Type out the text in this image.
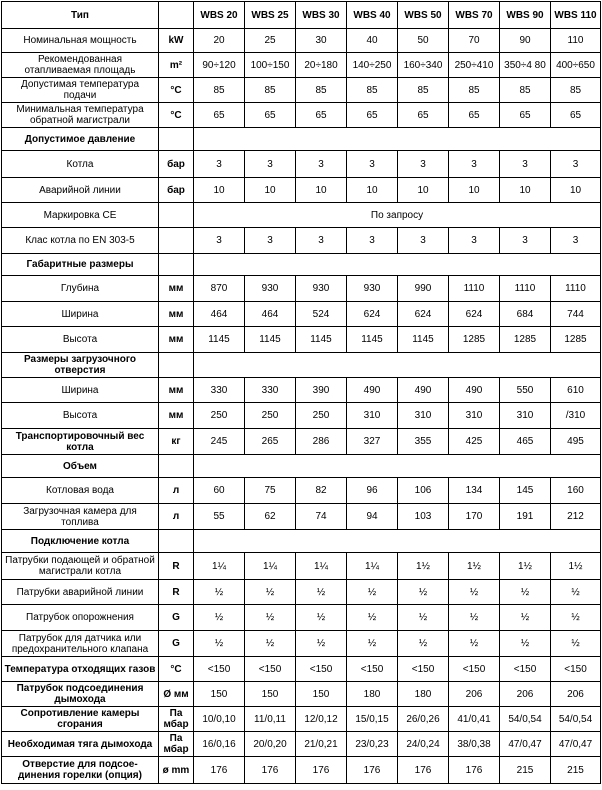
Тип		WBS 20	WBS 25	WBS 30	WBS 40	WBS 50	WBS 70	WBS 90	WBS 110
Номинальная мощность	kW	20	25	30	40	50	70	90	110
Рекомендованная отапливаемая площадь	m²	90÷120	100÷150	20÷180	140÷250	160÷340	250÷410	350÷4 80	400÷650
Допустимая температура подачи	°C	85	85	85	85	85	85	85	85
Минимальная температура обратной магистрали	°C	65	65	65	65	65	65	65	65
Допустимое давление									
Котла	бар	3	3	3	3	3	3	3	3
Аварийной линии	бар	10	10	10	10	10	10	10	10
Маркировка CE		По запросу							
Клас котла по EN 303-5		3	3	3	3	3	3	3	3
Габаритные размеры									
Глубина	мм	870	930	930	930	990	1110	1110	1110
Ширина	мм	464	464	524	624	624	624	684	744
Высота	мм	1145	1145	1145	1145	1145	1285	1285	1285
Размеры загрузочного отверстия									
Ширина	мм	330	330	390	490	490	490	550	610
Высота	мм	250	250	250	310	310	310	310	/310
Транспортировочный вес котла	кг	245	265	286	327	355	425	465	495
Объем									
Котловая вода	л	60	75	82	96	106	134	145	160
Загрузочная камера для топлива	л	55	62	74	94	103	170	191	212
Подключение котла									
Патрубки подающей и обратной магистрали котла	R	1¼	1¼	1¼	1¼	1½	1½	1½	1½
Патрубки аварийной линии	R	½	½	½	½	½	½	½	½
Патрубок опорожнения	G	½	½	½	½	½	½	½	½
Патрубок для датчика или предохранительного клапана	G	½	½	½	½	½	½	½	½
Температура отходящих газов	°C	<150	<150	<150	<150	<150	<150	<150	<150
Патрубок подсоединения дымохода	Ø мм	150	150	150	180	180	206	206	206
Сопротивление камеры сгорания	Па мбар	10/0,10	11/0,11	12/0,12	15/0,15	26/0,26	41/0,41	54/0,54	54/0,54
Необходимая тяга дымохода	Па мбар	16/0,16	20/0,20	21/0,21	23/0,23	24/0,24	38/0,38	47/0,47	47/0,47
Отверстие для подсое-динения горелки (опция)	ø mm	176	176	176	176	176	176	215	215
